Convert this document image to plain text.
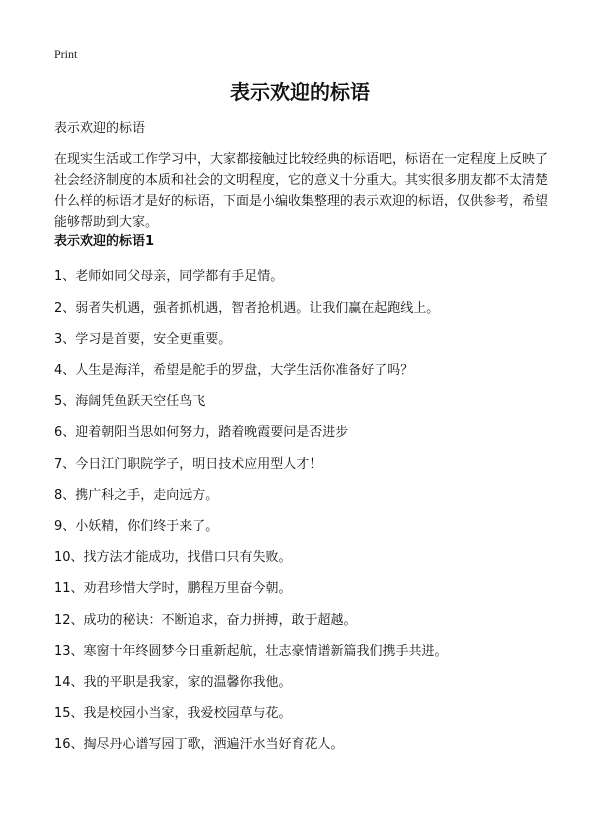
Print
表示欢迎的标语
表示欢迎的标语

在现实生活或工作学习中，大家都接触过比较经典的标语吧，标语在一定程度上反映了社会经济制度的本质和社会的文明程度，它的意义十分重大。其实很多朋友都不太清楚什么样的标语才是好的标语，下面是小编收集整理的表示欢迎的标语，仅供参考，希望能够帮助到大家。

表示欢迎的标语1
1、老师如同父母亲，同学都有手足情。
2、弱者失机遇，强者抓机遇，智者抢机遇。让我们赢在起跑线上。
3、学习是首要，安全更重要。
4、人生是海洋，希望是舵手的罗盘，大学生活你准备好了吗？
5、海阔凭鱼跃天空任鸟飞
6、迎着朝阳当思如何努力，踏着晚霞要问是否进步
7、今日江门职院学子，明日技术应用型人才！
8、携广科之手，走向远方。
9、小妖精，你们终于来了。
10、找方法才能成功，找借口只有失败。
11、劝君珍惜大学时，鹏程万里奋今朝。
12、成功的秘诀：不断追求，奋力拼搏，敢于超越。
13、寒窗十年终圆梦今日重新起航，壮志豪情谱新篇我们携手共进。
14、我的平职是我家，家的温馨你我他。
15、我是校园小当家，我爱校园草与花。
16、掏尽丹心谱写园丁歌，洒遍汗水当好育花人。
